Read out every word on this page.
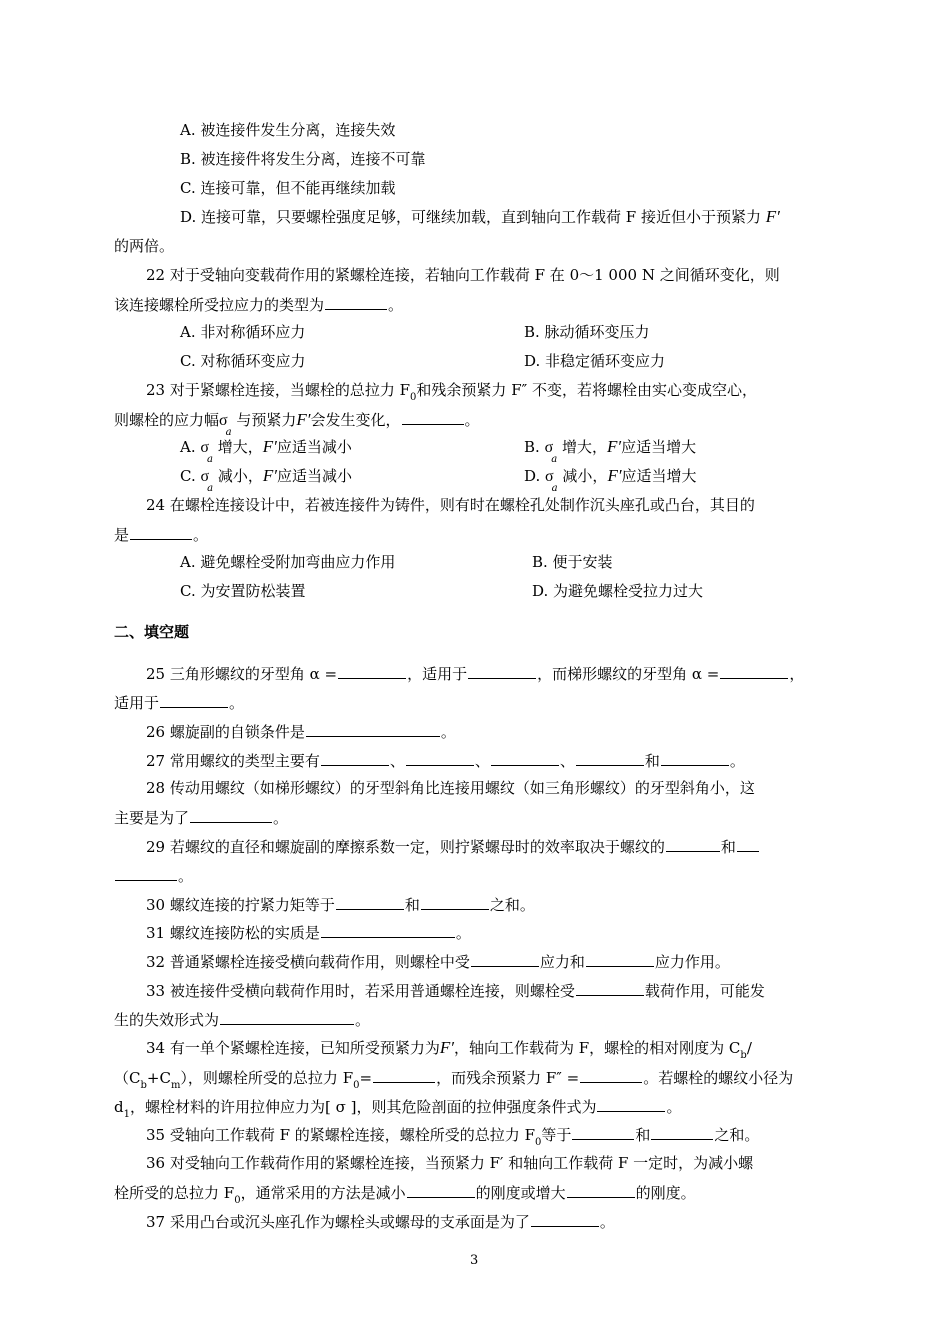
A. 被连接件发生分离，连接失效
B. 被连接件将发生分离，连接不可靠
C. 连接可靠，但不能再继续加载
D. 连接可靠，只要螺栓强度足够，可继续加载，直到轴向工作载荷 F 接近但小于预紧力 F′
的两倍。
22 对于受轴向变载荷作用的紧螺栓连接，若轴向工作载荷 F 在 0～1 000 N 之间循环变化，则
该连接螺栓所受拉应力的类型为	。
A. 非对称循环应力	B. 脉动循环变压力
C. 对称循环变应力	D. 非稳定循环变应力
23 对于紧螺栓连接，当螺栓的总拉力 $F_0$和残余预紧力 F″ 不变，若将螺栓由实心变成空心，
则螺栓的应力幅$\sigma_a$ 与预紧力F′会发生变化，	。
A. $\sigma_a$ 增大，F′应适当减小	B. $\sigma_a$ 增大，F′应适当增大
C. $\sigma_a$ 减小，F′应适当减小	D. $\sigma_a$ 减小，F′应适当增大
24 在螺栓连接设计中，若被连接件为铸件，则有时在螺栓孔处制作沉头座孔或凸台，其目的
是	。
A. 避免螺栓受附加弯曲应力作用	B. 便于安装
C. 为安置防松装置	D. 为避免螺栓受拉力过大
二、填空题
25 三角形螺纹的牙型角 α =	，适用于	，而梯形螺纹的牙型角 α =	，
适用于	。
26 螺旋副的自锁条件是	。
27 常用螺纹的类型主要有	、	、	、	和	。
28 传动用螺纹（如梯形螺纹）的牙型斜角比连接用螺纹（如三角形螺纹）的牙型斜角小，这
主要是为了	。
29 若螺纹的直径和螺旋副的摩擦系数一定，则拧紧螺母时的效率取决于螺纹的	和
。
30 螺纹连接的拧紧力矩等于	和	之和。
31 螺纹连接防松的实质是	。
32 普通紧螺栓连接受横向载荷作用，则螺栓中受	应力和	应力作用。
33 被连接件受横向载荷作用时，若采用普通螺栓连接，则螺栓受	载荷作用，可能发
生的失效形式为	。
34 有一单个紧螺栓连接，已知所受预紧力为F′，轴向工作载荷为 F，螺栓的相对刚度为 $C_b/$
$(C_b+C_m)$，则螺栓所受的总拉力 $F_0=$	，而残余预紧力 F″ =	。若螺栓的螺纹小径为
$d_1$，螺栓材料的许用拉伸应力为[ σ ]，则其危险剖面的拉伸强度条件式为	。
35 受轴向工作载荷 F 的紧螺栓连接，螺栓所受的总拉力 $F_0$等于	和	之和。
36 对受轴向工作载荷作用的紧螺栓连接，当预紧力 F′ 和轴向工作载荷 F 一定时，为减小螺
栓所受的总拉力 $F_0$，通常采用的方法是减小	的刚度或增大	的刚度。
37 采用凸台或沉头座孔作为螺栓头或螺母的支承面是为了	。
3
